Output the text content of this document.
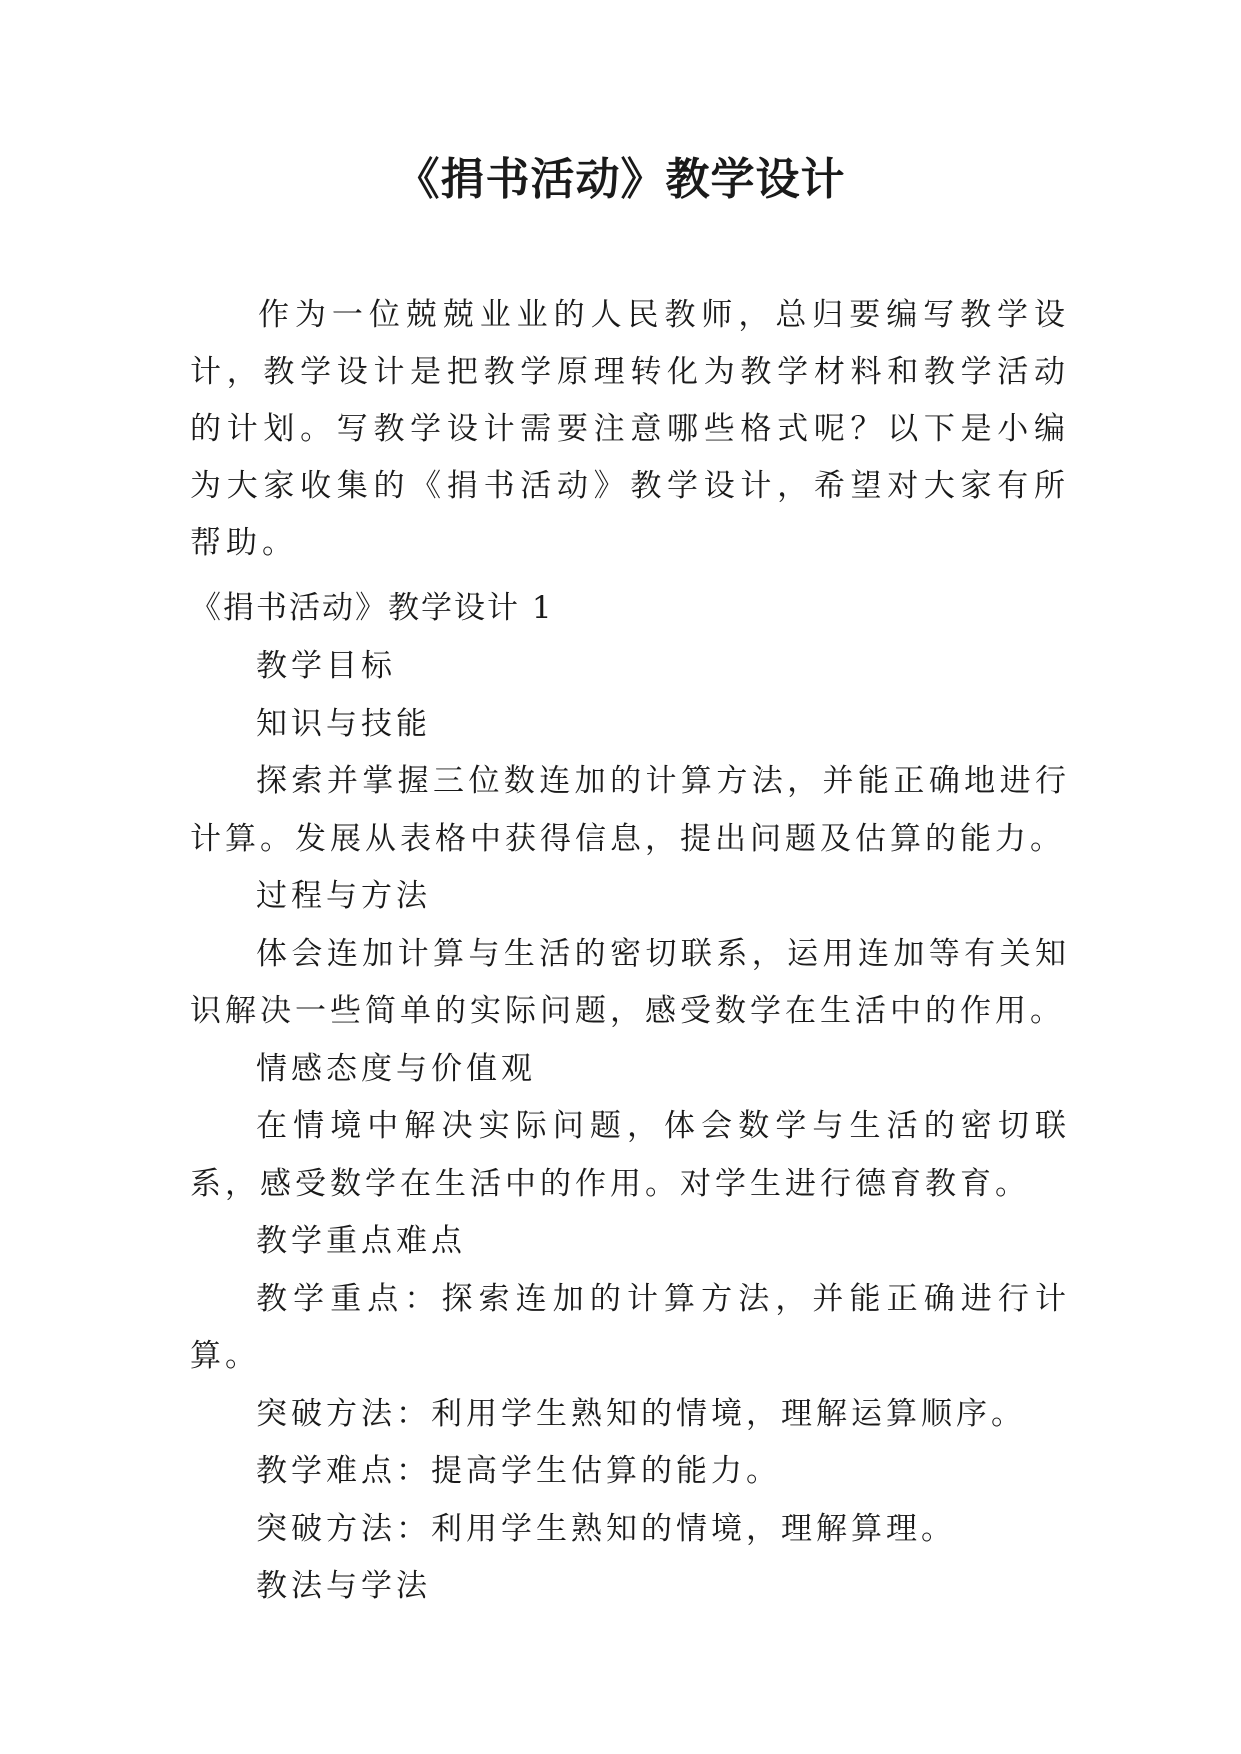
《捐书活动》教学设计

作为一位兢兢业业的人民教师，总归要编写教学设计，教学设计是把教学原理转化为教学材料和教学活动的计划。写教学设计需要注意哪些格式呢？以下是小编为大家收集的《捐书活动》教学设计，希望对大家有所帮助。

《捐书活动》教学设计 1

教学目标

知识与技能

探索并掌握三位数连加的计算方法，并能正确地进行计算。发展从表格中获得信息，提出问题及估算的能力。

过程与方法

体会连加计算与生活的密切联系，运用连加等有关知识解决一些简单的实际问题，感受数学在生活中的作用。

情感态度与价值观

在情境中解决实际问题，体会数学与生活的密切联系，感受数学在生活中的作用。对学生进行德育教育。

教学重点难点

教学重点：探索连加的计算方法，并能正确进行计算。

突破方法：利用学生熟知的情境，理解运算顺序。

教学难点：提高学生估算的能力。

突破方法：利用学生熟知的情境，理解算理。

教法与学法
